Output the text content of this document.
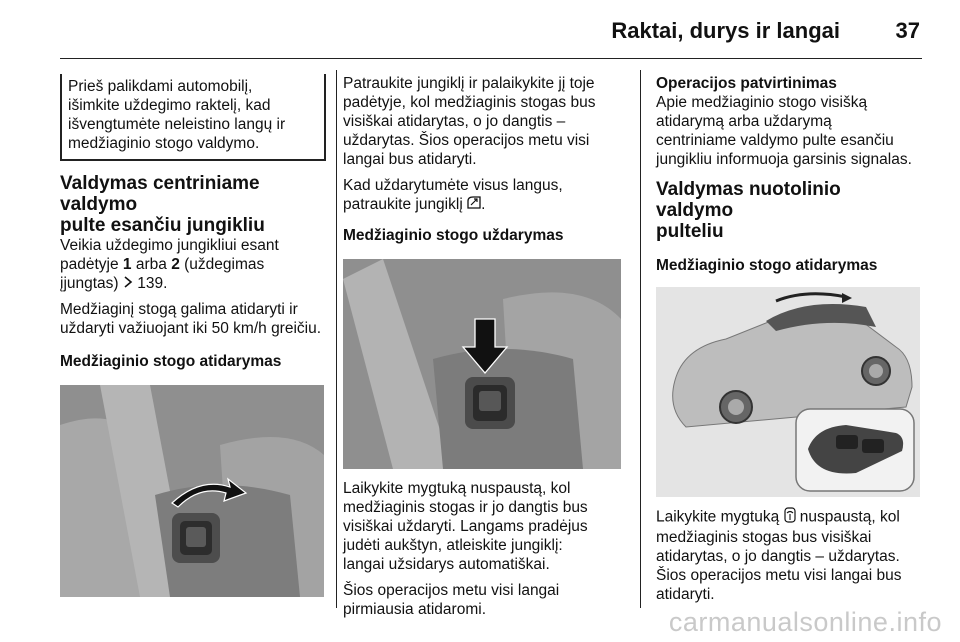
Raktai, durys ir langai	37
Prieš palikdami automobilį,
išimkite uždegimo raktelį, kad
išvengtumėte neleistino langų ir
medžiaginio stogo valdymo.
Valdymas centriniame valdymo
pulte esančiu jungikliu

Veikia uždegimo jungikliui esant
padėtyje 1 arba 2 (uždegimas
įjungtas)  139.

Medžiaginį stogą galima atidaryti ir
uždaryti važiuojant iki 50 km/h greičiu.

Medžiaginio stogo atidarymas

Patraukite jungiklį ir palaikykite jį toje
padėtyje, kol medžiaginis stogas bus
visiškai atidarytas, o jo dangtis –
uždarytas. Šios operacijos metu visi
langai bus atidaryti.

Kad uždarytumėte visus langus,
patraukite jungiklį .

Medžiaginio stogo uždarymas

Laikykite mygtuką nuspaustą, kol
medžiaginis stogas ir jo dangtis bus
visiškai uždaryti. Langams pradėjus
judėti aukštyn, atleiskite jungiklį:
langai užsidarys automatiškai.

Šios operacijos metu visi langai
pirmiausia atidaromi.

Operacijos patvirtinimas

Apie medžiaginio stogo visišką
atidarymą arba uždarymą
centriniame valdymo pulte esančiu
jungikliu informuoja garsinis signalas.

Valdymas nuotolinio valdymo
pulteliu

Medžiaginio stogo atidarymas

Laikykite mygtuką  nuspaustą, kol
medžiaginis stogas bus visiškai
atidarytas, o jo dangtis – uždarytas.
Šios operacijos metu visi langai bus
atidaryti.

carmanualsonline.info
